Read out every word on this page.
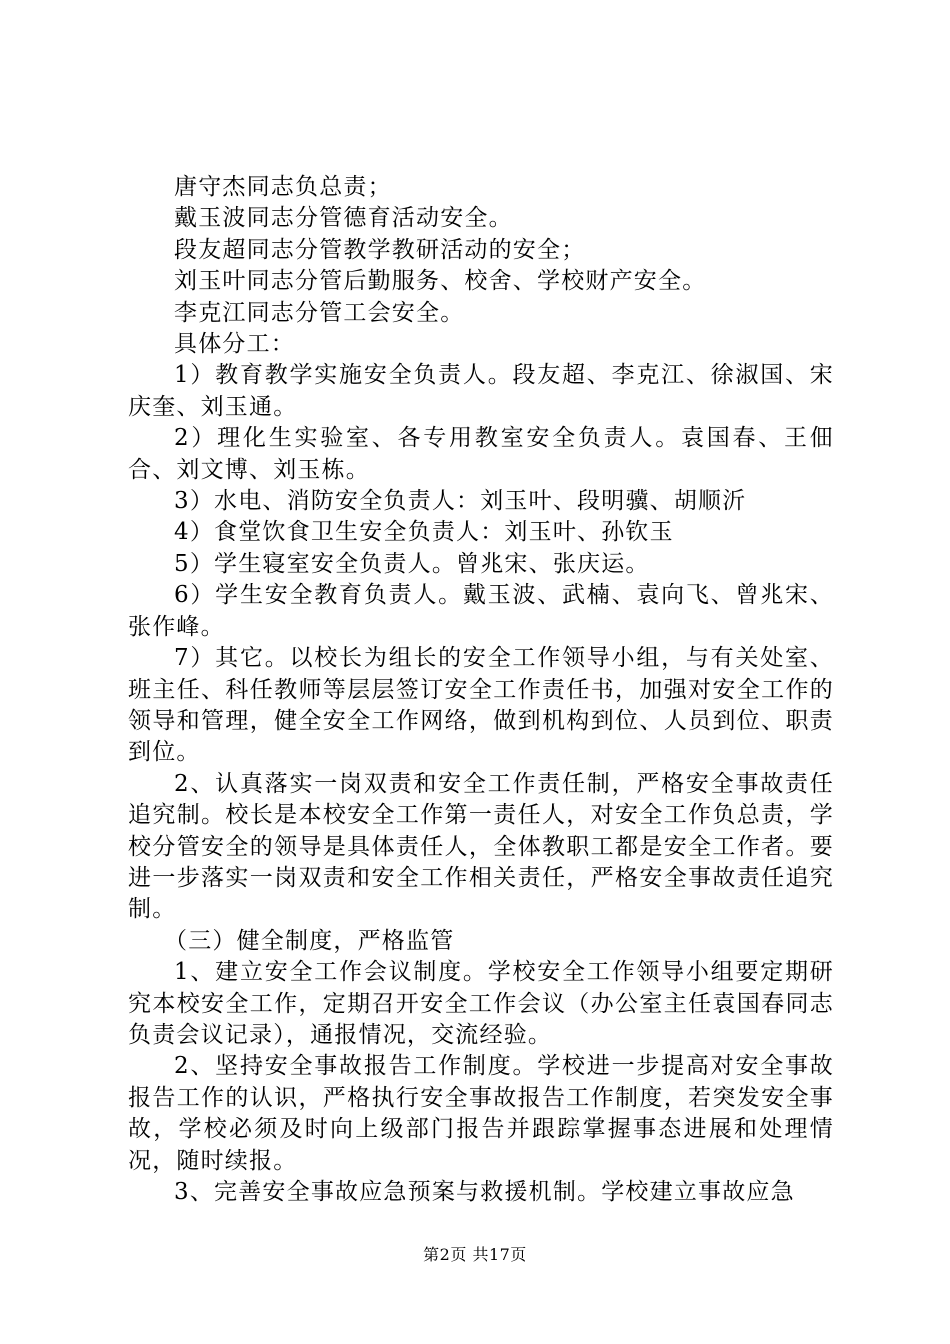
唐守杰同志负总责；

戴玉波同志分管德育活动安全。

段友超同志分管教学教研活动的安全；

刘玉叶同志分管后勤服务、校舍、学校财产安全。

李克江同志分管工会安全。

具体分工：

1）教育教学实施安全负责人。段友超、李克江、徐淑国、宋庆奎、刘玉通。

2）理化生实验室、各专用教室安全负责人。袁国春、王佃合、刘文博、刘玉栋。

3）水电、消防安全负责人：刘玉叶、段明骥、胡顺沂

4）食堂饮食卫生安全负责人：刘玉叶、孙钦玉

5）学生寝室安全负责人。曾兆宋、张庆运。

6）学生安全教育负责人。戴玉波、武楠、袁向飞、曾兆宋、张作峰。

7）其它。以校长为组长的安全工作领导小组，与有关处室、班主任、科任教师等层层签订安全工作责任书，加强对安全工作的领导和管理，健全安全工作网络，做到机构到位、人员到位、职责到位。

2、认真落实一岗双责和安全工作责任制，严格安全事故责任追究制。校长是本校安全工作第一责任人，对安全工作负总责，学校分管安全的领导是具体责任人，全体教职工都是安全工作者。要进一步落实一岗双责和安全工作相关责任，严格安全事故责任追究制。

（三）健全制度，严格监管

1、建立安全工作会议制度。学校安全工作领导小组要定期研究本校安全工作，定期召开安全工作会议（办公室主任袁国春同志负责会议记录），通报情况，交流经验。

2、坚持安全事故报告工作制度。学校进一步提高对安全事故报告工作的认识，严格执行安全事故报告工作制度，若突发安全事故，学校必须及时向上级部门报告并跟踪掌握事态进展和处理情况，随时续报。

3、完善安全事故应急预案与救援机制。学校建立事故应急

第2页 共17页
